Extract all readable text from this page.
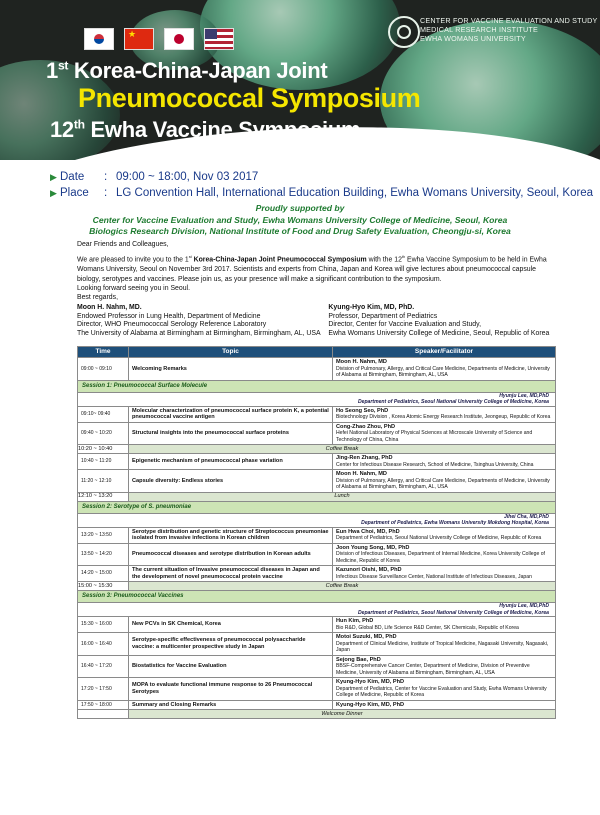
★
CENTER FOR VACCINE EVALUATION AND STUDY
MEDICAL RESEARCH INSTITUTE
EWHA WOMANS UNIVERSITY
1st Korea-China-Japan Joint
Pneumococcal Symposium
12th Ewha Vaccine Symposium
▶ Date	: 09:00 ~ 18:00, Nov 03 2017
▶ Place	: LG Convention Hall, International Education Building, Ewha Womans University, Seoul, Korea
Proudly supported by
Center for Vaccine Evaluation and Study, Ewha Womans University College of Medicine, Seoul, Korea
Biologics Research Division, National Institute of Food and Drug Safety Evaluation, Cheongju-si, Korea

Dear Friends and Colleagues,

We are pleased to invite you to the 1st Korea-China-Japan Joint Pneumococcal Symposium with the 12th Ewha Vaccine Symposium to be held in Ewha Womans University, Seoul on November 3rd 2017. Scientists and experts from China, Japan and Korea will give lectures about pneumococcal capsule biology, serotypes and vaccines. Please join us, as your presence will make a significant contribution to the symposium.

Looking forward seeing you in Seoul.

Best regards,

Moon H. Nahm, MD.
Endowed Professor in Lung Health, Department of Medicine
Director, WHO Pneumococcal Serology Reference Laboratory
The University of Alabama at Birmingham at Birmingham, Birmingham, AL, USA
Kyung-Hyo Kim, MD, PhD.
Professor, Department of Pediatrics
Director, Center for Vaccine Evaluation and Study,
Ewha Womans University College of Medicine, Seoul, Republic of Korea
Time	Topic	Speaker/Facilitator
09:00 ~ 09:10	Welcoming Remarks	Moon H. Nahm, MD
Division of Pulmonary, Allergy, and Critical Care Medicine, Departments of Medicine, University of Alabama at Birmingham, Birmingham, AL, USA
Session 1: Pneumococcal Surface Molecule		
Hyunju Lee, MD,PhD
Department of Pediatrics, Seoul National University College of Medicine, Korea		
09:10~ 09:40	Molecular characterization of pneumococcal surface protein K, a potential pneumococcal vaccine antigen	Ho Seong Seo, PhD
Biotechnology Division , Korea Atomic Energy Research Institute, Jeongeup, Republic of Korea
09:40 ~ 10:20	Structural insights into the pneumococcal surface proteins	Cong-Zhao Zhou, PhD
Hefei National Laboratory of Physical Sciences at Microscale University of Science and Technology of China, China
10:20 ~ 10:40	Coffee Break	
10:40 ~ 11:20	Epigenetic mechanism of pneumococcal phase variation	Jing-Ren Zhang, PhD
Center for Infectious Disease Research, School of Medicine, Tsinghua University, China
11:20 ~ 12:10	Capsule diversity: Endless stories	Moon H. Nahm, MD
Division of Pulmonary, Allergy, and Critical Care Medicine, Departments of Medicine, University of Alabama at Birmingham, Birmingham, AL, USA
12:10 ~ 13:20	Lunch	
Session 2: Serotype of S. pneumoniae		
Jihei Cha, MD,PhD
Department of Pediatrics, Ewha Womans University Mokdong Hospital, Korea		
13:20 ~ 13:50	Serotype distribution and genetic structure of Streptococcus pneumoniae isolated from invasive infections in Korean children	Eun Hwa Choi, MD, PhD
Department of Pediatrics, Seoul National University College of Medicine, Republic of Korea
13:50 ~ 14:20	Pneumococcal diseases and serotype distribution in Korean adults	Joon Young Song, MD, PhD
Division of Infectious Diseases, Department of Internal Medicine, Korea University College of Medicine, Republic of Korea
14:20 ~ 15:00	The current situation of Invasive pneumococcal diseases in Japan and the development of novel pneumococcal protein vaccine	Kazunori Oishi, MD, PhD
Infectious Disease Surveillance Center, National Institute of Infectious Diseases, Japan
15:00 ~ 15:30	Coffee Break	
Session 3: Pneumococcal Vaccines		
Hyunju Lee, MD,PhD
Department of Pediatrics, Seoul National University College of Medicine, Korea		
15:30 ~ 16:00	New PCVs in SK Chemical, Korea	Hun Kim, PhD
Bio R&D, Global BD, Life Science R&D Center, SK Chemicals, Republic of Korea
16:00 ~ 16:40	Serotype-specific effectiveness of pneumococcal polysaccharide vaccine: a multicenter prospective study in Japan	Motoi Suzuki, MD, PhD
Department of Clinical Medicine, Institute of Tropical Medicine, Nagasaki University, Nagasaki, Japan
16:40 ~ 17:20	Biostatistics for Vaccine Evaluation	Sejong Bae, PhD
BBSF-Comprehensive Cancer Center, Department of Medicine, Division of Preventive Medicine, University of Alabama at Birmingham, Birmingham, AL, USA
17:20 ~ 17:50	MOPA to evaluate functional immune response to 26 Pneumococcal Serotypes	Kyung-Hyo Kim, MD, PhD
Department of Pediatrics, Center for Vaccine Evaluation and Study, Ewha Womans University College of Medicine, Republic of Korea
17:50 ~ 18:00	Summary and Closing Remarks	Kyung-Hyo Kim, MD, PhD
	Welcome Dinner	
